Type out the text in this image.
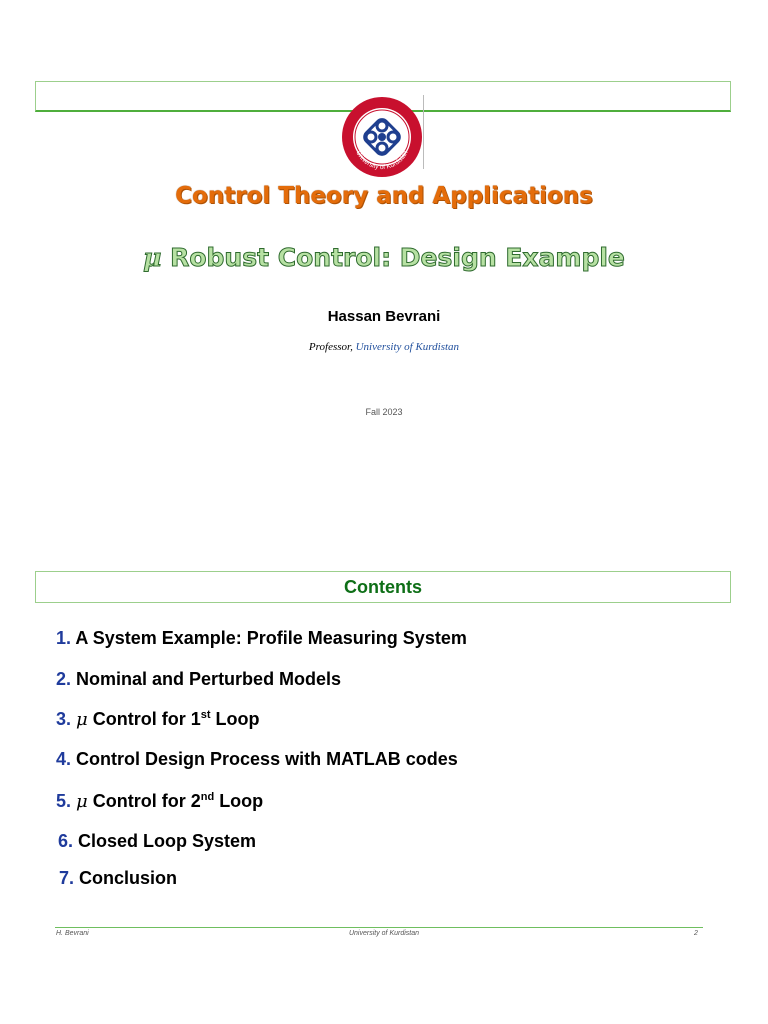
University of Kurdistan
Control Theory and Applications
μ Robust Control: Design Example
Hassan Bevrani
Professor, University of Kurdistan
Fall 2023
Contents
1. A System Example: Profile Measuring System
2. Nominal and Perturbed Models
3. μ Control for 1st Loop
4. Control Design Process with MATLAB codes
5. μ Control for 2nd Loop
6. Closed Loop System
7. Conclusion
H. Bevrani	University of Kurdistan	2
